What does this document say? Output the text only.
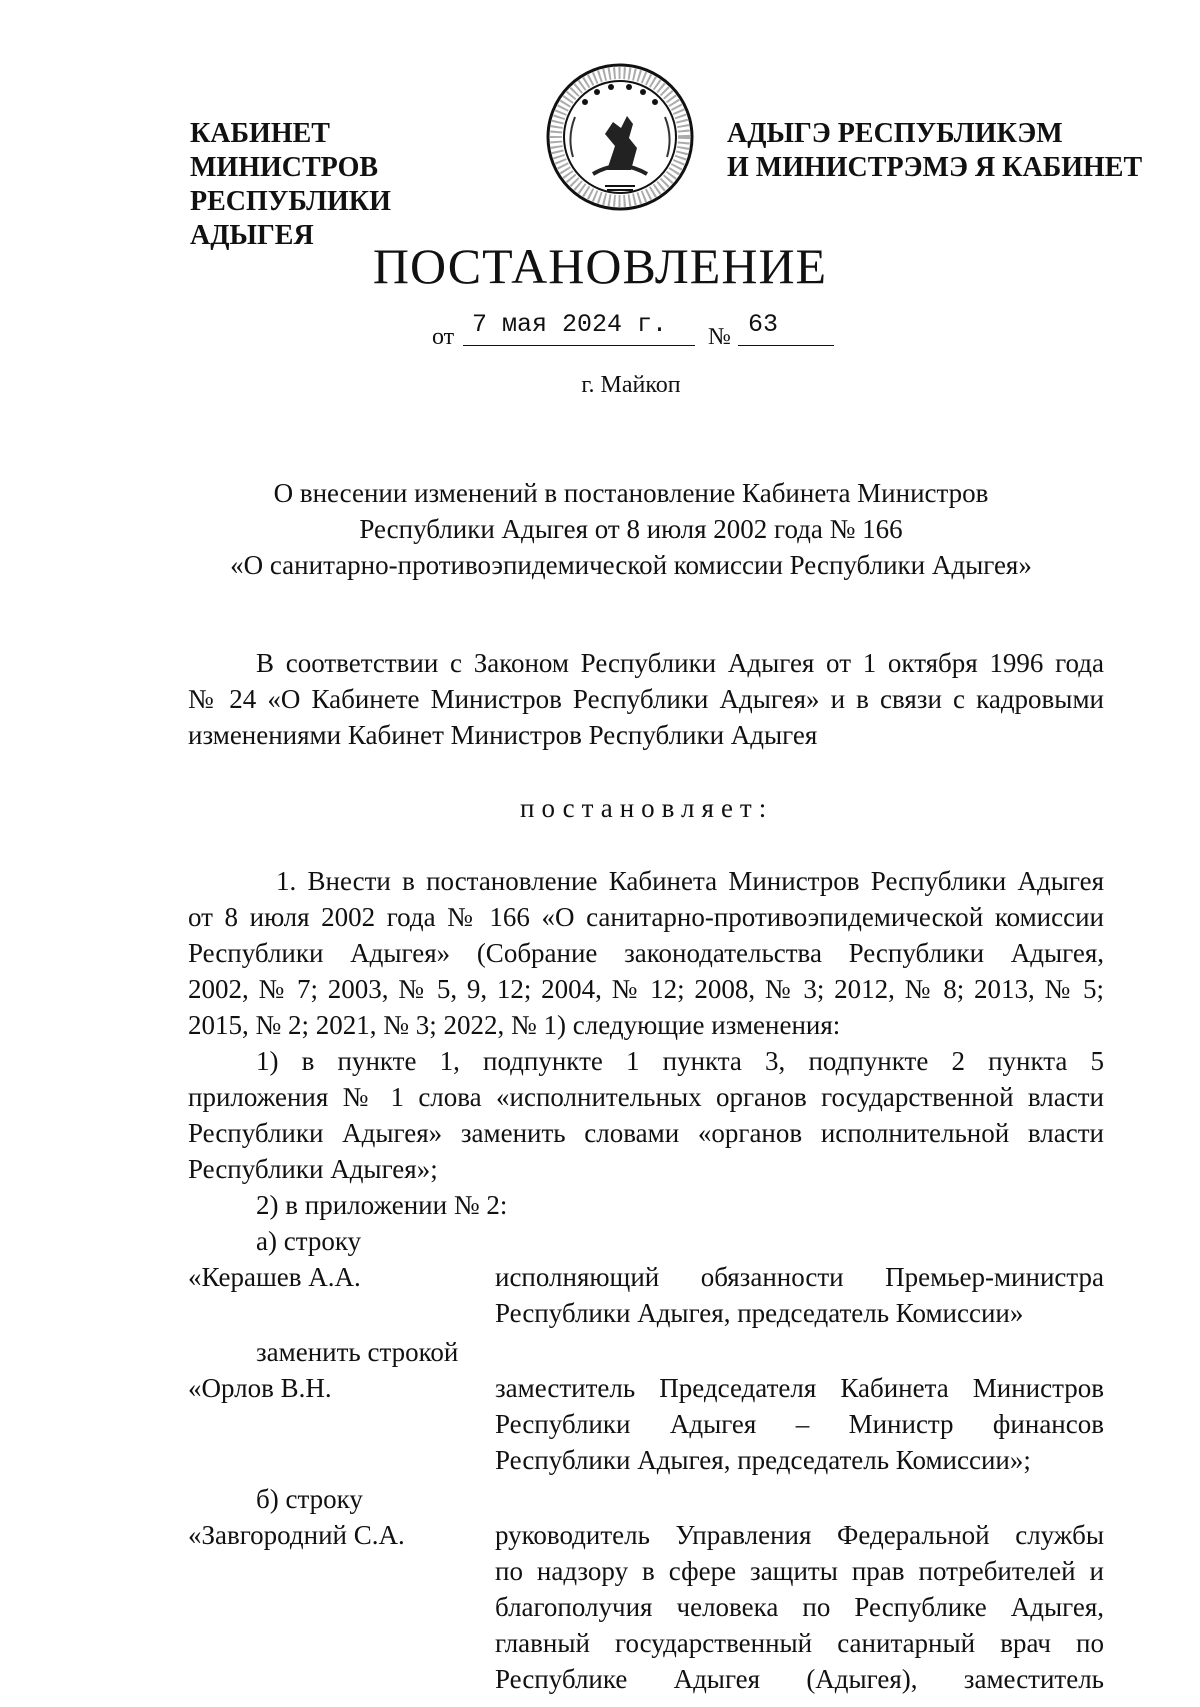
КАБИНЕТ МИНИСТРОВ
РЕСПУБЛИКИ АДЫГЕЯ
АДЫГЭ РЕСПУБЛИКЭМ
И МИНИСТРЭМЭ Я КАБИНЕТ
ПОСТАНОВЛЕНИЕ
от 7 мая 2024 г. № 63
г. Майкоп
О внесении изменений в постановление Кабинета Министров
Республики Адыгея от 8 июля 2002 года № 166
«О санитарно-противоэпидемической комиссии Республики Адыгея»
В соответствии с Законом Республики Адыгея от 1 октября 1996 года
№ 24 «О Кабинете Министров Республики Адыгея» и в связи с кадровыми
изменениями Кабинет Министров Республики Адыгея
постановляет:
1. Внести в постановление Кабинета Министров Республики Адыгея
от 8 июля 2002 года № 166 «О санитарно-противоэпидемической комиссии
Республики Адыгея» (Собрание законодательства Республики Адыгея,
2002, № 7; 2003, № 5, 9, 12; 2004, № 12; 2008, № 3; 2012, № 8; 2013, № 5;
2015, № 2; 2021, № 3; 2022, № 1) следующие изменения:
1) в пункте 1, подпункте 1 пункта 3, подпункте 2 пункта 5
приложения № 1 слова «исполнительных органов государственной власти
Республики Адыгея» заменить словами «органов исполнительной власти
Республики Адыгея»;
2) в приложении № 2:
а) строку
«Керашев А.А.	исполняющий обязанности Премьер-министра
Республики Адыгея, председатель Комиссии»
заменить строкой
«Орлов В.Н.	заместитель Председателя Кабинета Министров
Республики Адыгея – Министр финансов
Республики Адыгея, председатель Комиссии»;
б) строку
«Завгородний С.А.	руководитель Управления Федеральной службы
по надзору в сфере защиты прав потребителей и
благополучия человека по Республике Адыгея,
главный государственный санитарный врач по
Республике Адыгея (Адыгея), заместитель
